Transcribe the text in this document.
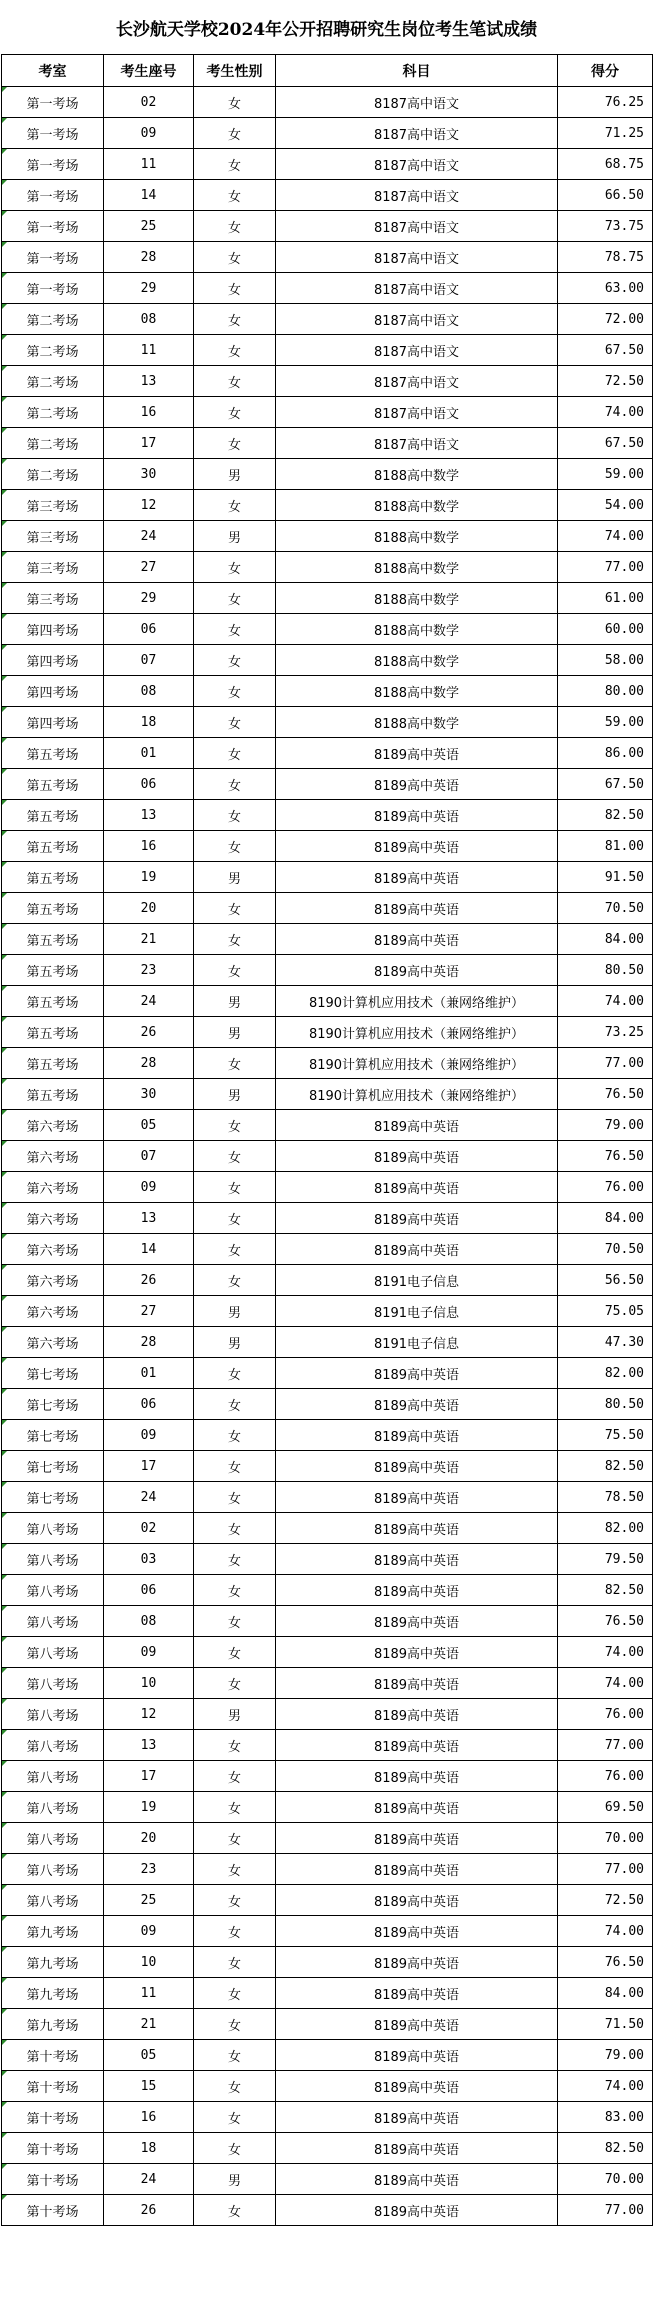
长沙航天学校2024年公开招聘研究生岗位考生笔试成绩
考室	考生座号	考生性别	科目	得分
第一考场	02	女	8187高中语文	76.25
第一考场	09	女	8187高中语文	71.25
第一考场	11	女	8187高中语文	68.75
第一考场	14	女	8187高中语文	66.50
第一考场	25	女	8187高中语文	73.75
第一考场	28	女	8187高中语文	78.75
第一考场	29	女	8187高中语文	63.00
第二考场	08	女	8187高中语文	72.00
第二考场	11	女	8187高中语文	67.50
第二考场	13	女	8187高中语文	72.50
第二考场	16	女	8187高中语文	74.00
第二考场	17	女	8187高中语文	67.50
第二考场	30	男	8188高中数学	59.00
第三考场	12	女	8188高中数学	54.00
第三考场	24	男	8188高中数学	74.00
第三考场	27	女	8188高中数学	77.00
第三考场	29	女	8188高中数学	61.00
第四考场	06	女	8188高中数学	60.00
第四考场	07	女	8188高中数学	58.00
第四考场	08	女	8188高中数学	80.00
第四考场	18	女	8188高中数学	59.00
第五考场	01	女	8189高中英语	86.00
第五考场	06	女	8189高中英语	67.50
第五考场	13	女	8189高中英语	82.50
第五考场	16	女	8189高中英语	81.00
第五考场	19	男	8189高中英语	91.50
第五考场	20	女	8189高中英语	70.50
第五考场	21	女	8189高中英语	84.00
第五考场	23	女	8189高中英语	80.50
第五考场	24	男	8190计算机应用技术（兼网络维护）	74.00
第五考场	26	男	8190计算机应用技术（兼网络维护）	73.25
第五考场	28	女	8190计算机应用技术（兼网络维护）	77.00
第五考场	30	男	8190计算机应用技术（兼网络维护）	76.50
第六考场	05	女	8189高中英语	79.00
第六考场	07	女	8189高中英语	76.50
第六考场	09	女	8189高中英语	76.00
第六考场	13	女	8189高中英语	84.00
第六考场	14	女	8189高中英语	70.50
第六考场	26	女	8191电子信息	56.50
第六考场	27	男	8191电子信息	75.05
第六考场	28	男	8191电子信息	47.30
第七考场	01	女	8189高中英语	82.00
第七考场	06	女	8189高中英语	80.50
第七考场	09	女	8189高中英语	75.50
第七考场	17	女	8189高中英语	82.50
第七考场	24	女	8189高中英语	78.50
第八考场	02	女	8189高中英语	82.00
第八考场	03	女	8189高中英语	79.50
第八考场	06	女	8189高中英语	82.50
第八考场	08	女	8189高中英语	76.50
第八考场	09	女	8189高中英语	74.00
第八考场	10	女	8189高中英语	74.00
第八考场	12	男	8189高中英语	76.00
第八考场	13	女	8189高中英语	77.00
第八考场	17	女	8189高中英语	76.00
第八考场	19	女	8189高中英语	69.50
第八考场	20	女	8189高中英语	70.00
第八考场	23	女	8189高中英语	77.00
第八考场	25	女	8189高中英语	72.50
第九考场	09	女	8189高中英语	74.00
第九考场	10	女	8189高中英语	76.50
第九考场	11	女	8189高中英语	84.00
第九考场	21	女	8189高中英语	71.50
第十考场	05	女	8189高中英语	79.00
第十考场	15	女	8189高中英语	74.00
第十考场	16	女	8189高中英语	83.00
第十考场	18	女	8189高中英语	82.50
第十考场	24	男	8189高中英语	70.00
第十考场	26	女	8189高中英语	77.00
